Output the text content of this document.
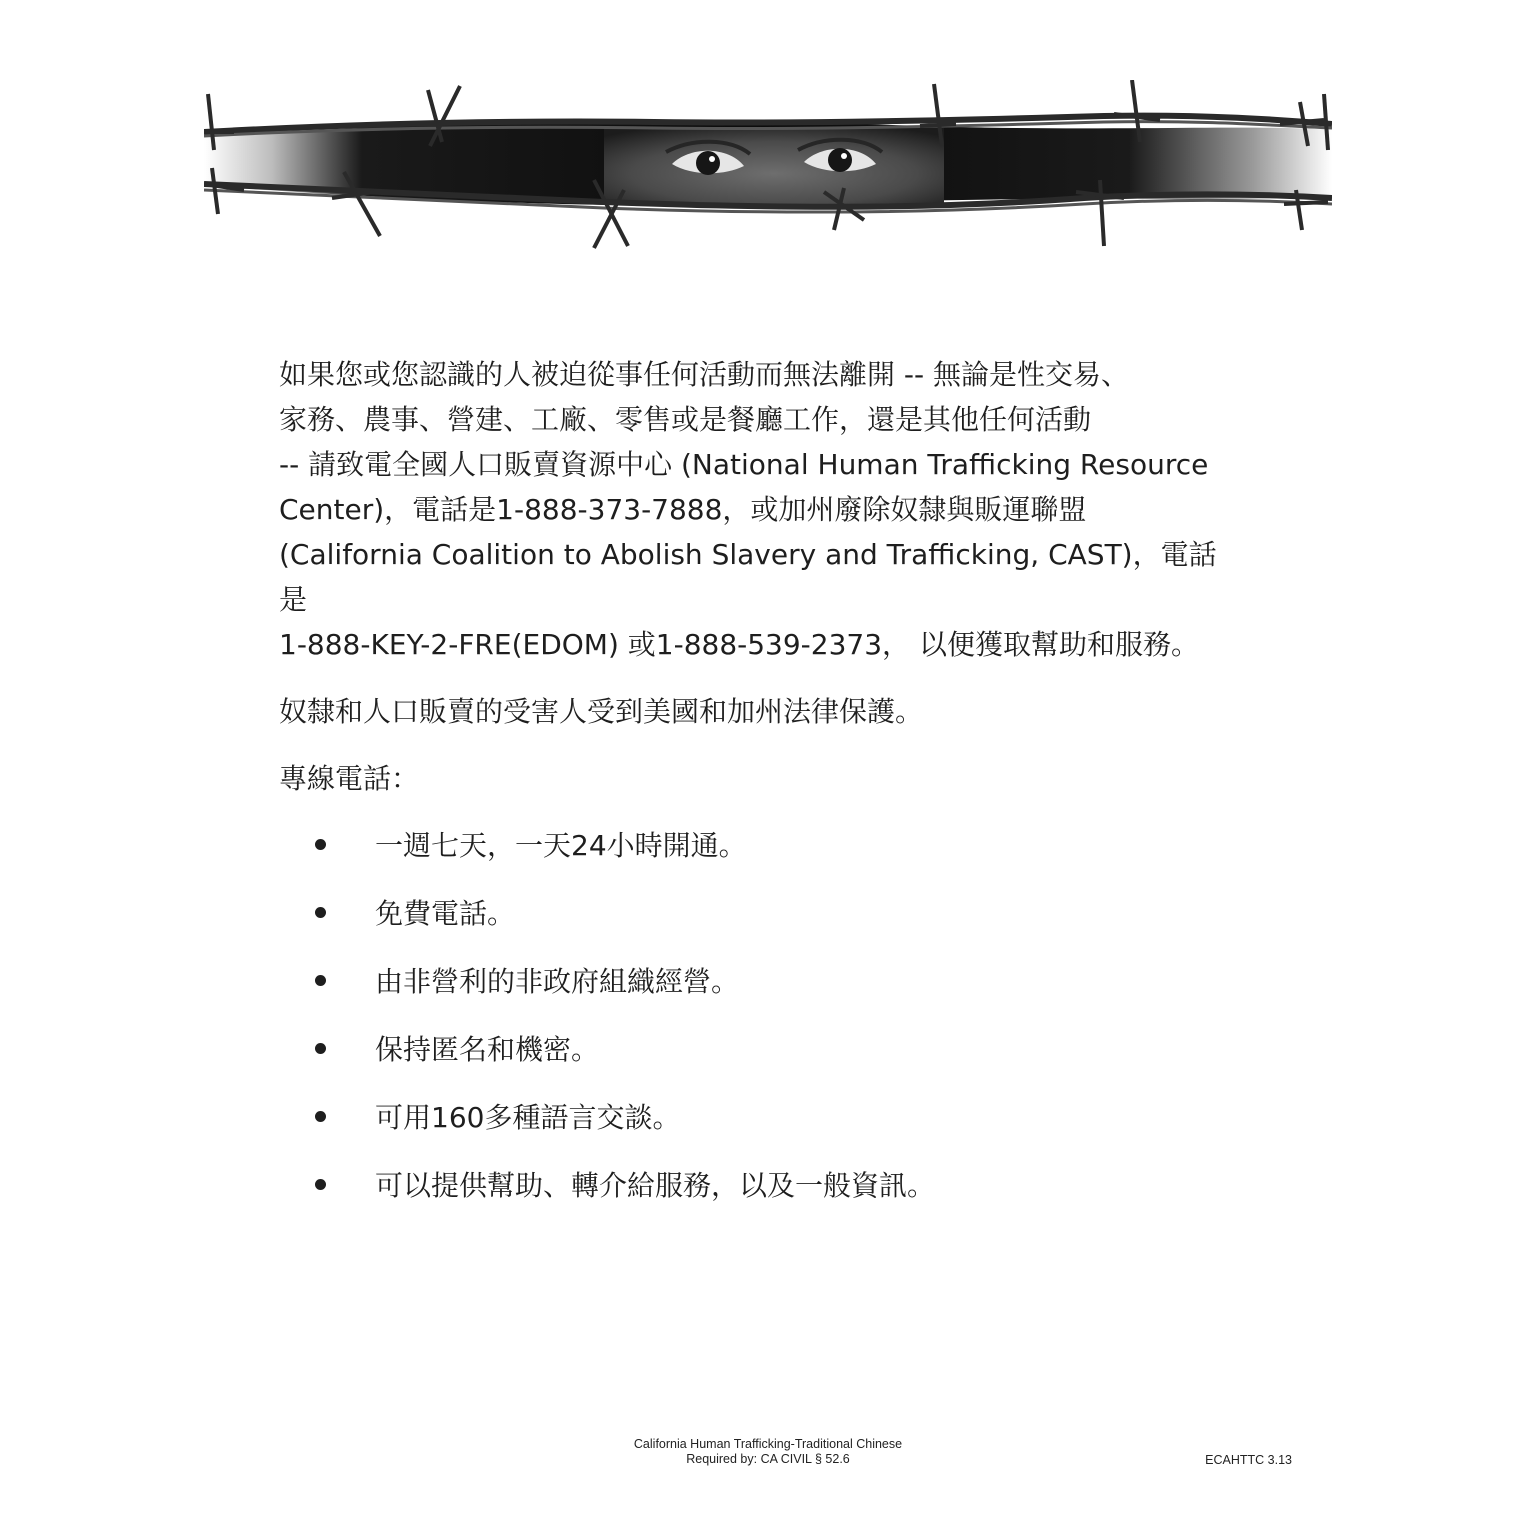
如果您或您認識的人被迫從事任何活動而無法離開 -- 無論是性交易、
家務、農事、營建、工廠、零售或是餐廳工作，還是其他任何活動
-- 請致電全國人口販賣資源中心 (National Human Trafficking Resource
Center)，電話是1-888-373-7888，或加州廢除奴隸與販運聯盟
(California Coalition to Abolish Slavery and Trafficking, CAST)，電話是
1-888-KEY-2-FRE(EDOM) 或1-888-539-2373， 以便獲取幫助和服務。

奴隸和人口販賣的受害人受到美國和加州法律保護。

專線電話：

一週七天，一天24小時開通。
免費電話。
由非營利的非政府組織經營。
保持匿名和機密。
可用160多種語言交談。
可以提供幫助、轉介給服務，以及一般資訊。
California Human Trafficking-Traditional Chinese
Required by: CA CIVIL § 52.6	ECAHTTC 3.13
